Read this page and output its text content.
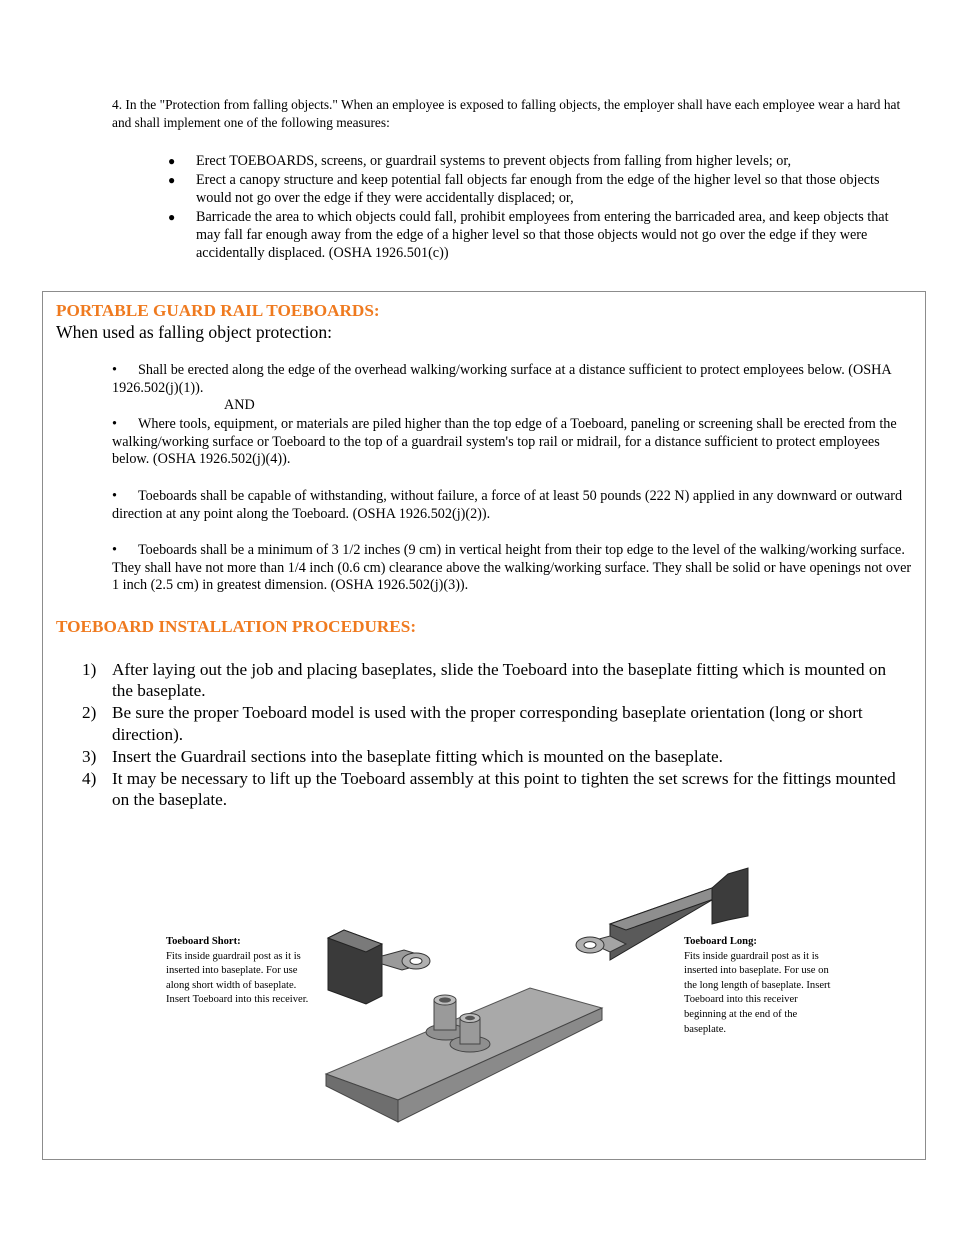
4. In the "Protection from falling objects." When an employee is exposed to falling objects, the employer shall have each employee wear a hard hat and shall implement one of the following measures:
● Erect TOEBOARDS, screens, or guardrail systems to prevent objects from falling from higher levels; or,
● Erect a canopy structure and keep potential fall objects far enough from the edge of the higher level so that those objects would not go over the edge if they were accidentally displaced; or,
● Barricade the area to which objects could fall, prohibit employees from entering the barricaded area, and keep objects that may fall far enough away from the edge of a higher level so that those objects would not go over the edge if they were accidentally displaced. (OSHA 1926.501(c))
PORTABLE GUARD RAIL TOEBOARDS:
When used as falling object protection:
• Shall be erected along the edge of the overhead walking/working surface at a distance sufficient to protect employees below. (OSHA 1926.502(j)(1)).
AND
• Where tools, equipment, or materials are piled higher than the top edge of a Toeboard, paneling or screening shall be erected from the walking/working surface or Toeboard to the top of a guardrail system's top rail or midrail, for a distance sufficient to protect employees below. (OSHA 1926.502(j)(4)).
• Toeboards shall be capable of withstanding, without failure, a force of at least 50 pounds (222 N) applied in any downward or outward direction at any point along the Toeboard. (OSHA 1926.502(j)(2)).
• Toeboards shall be a minimum of 3 1/2 inches (9 cm) in vertical height from their top edge to the level of the walking/working surface. They shall have not more than 1/4 inch (0.6 cm) clearance above the walking/working surface. They shall be solid or have openings not over 1 inch (2.5 cm) in greatest dimension. (OSHA 1926.502(j)(3)).
TOEBOARD INSTALLATION PROCEDURES:
1) After laying out the job and placing baseplates, slide the Toeboard into the baseplate fitting which is mounted on the baseplate.
2) Be sure the proper Toeboard model is used with the proper corresponding baseplate orientation (long or short direction).
3) Insert the Guardrail sections into the baseplate fitting which is mounted on the baseplate.
4) It may be necessary to lift up the Toeboard assembly at this point to tighten the set screws for the fittings mounted on the baseplate.
Toeboard Short:
Fits inside guardrail post as it is inserted into baseplate. For use along short width of baseplate. Insert Toeboard into this receiver.
Toeboard Long:
Fits inside guardrail post as it is inserted into baseplate. For use on the long length of baseplate. Insert Toeboard into this receiver beginning at the end of the baseplate.
